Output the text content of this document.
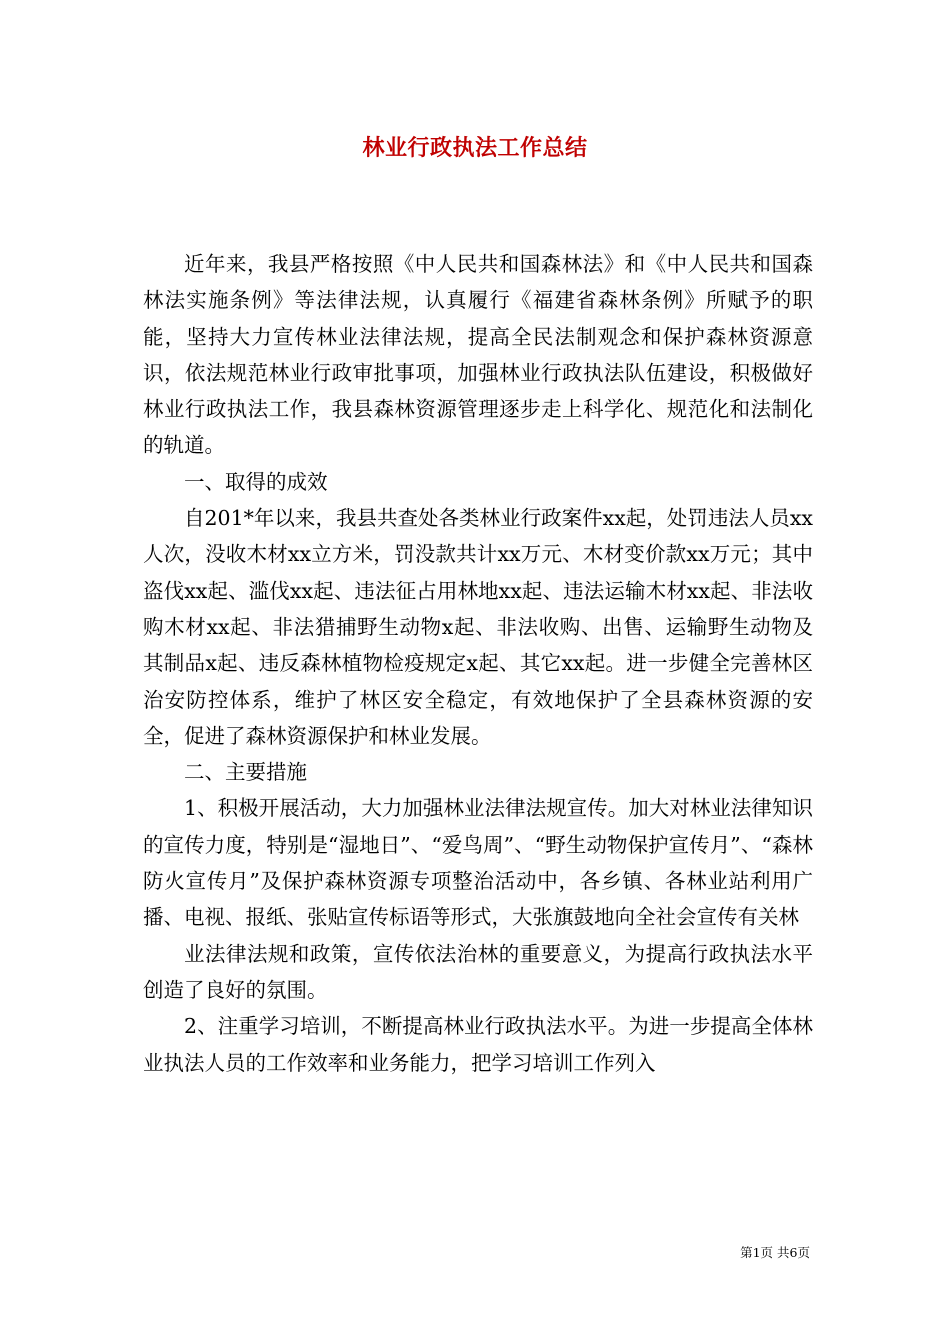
林业行政执法工作总结

近年来，我县严格按照《中人民共和国森林法》和《中人民共和国森林法实施条例》等法律法规，认真履行《福建省森林条例》所赋予的职能，坚持大力宣传林业法律法规，提高全民法制观念和保护森林资源意识，依法规范林业行政审批事项，加强林业行政执法队伍建设，积极做好林业行政执法工作，我县森林资源管理逐步走上科学化、规范化和法制化的轨道。

一、取得的成效

自201*年以来，我县共查处各类林业行政案件xx起，处罚违法人员xx人次，没收木材xx立方米，罚没款共计xx万元、木材变价款xx万元；其中盗伐xx起、滥伐xx起、违法征占用林地xx起、违法运输木材xx起、非法收购木材xx起、非法猎捕野生动物x起、非法收购、出售、运输野生动物及其制品x起、违反森林植物检疫规定x起、其它xx起。进一步健全完善林区治安防控体系，维护了林区安全稳定，有效地保护了全县森林资源的安全，促进了森林资源保护和林业发展。

二、主要措施

1、积极开展活动，大力加强林业法律法规宣传。加大对林业法律知识的宣传力度，特别是“湿地日”、“爱鸟周”、“野生动物保护宣传月”、“森林防火宣传月”及保护森林资源专项整治活动中，各乡镇、各林业站利用广播、电视、报纸、张贴宣传标语等形式，大张旗鼓地向全社会宣传有关林

业法律法规和政策，宣传依法治林的重要意义，为提高行政执法水平创造了良好的氛围。

2、注重学习培训，不断提高林业行政执法水平。为进一步提高全体林业执法人员的工作效率和业务能力，把学习培训工作列入

第1页 共6页
